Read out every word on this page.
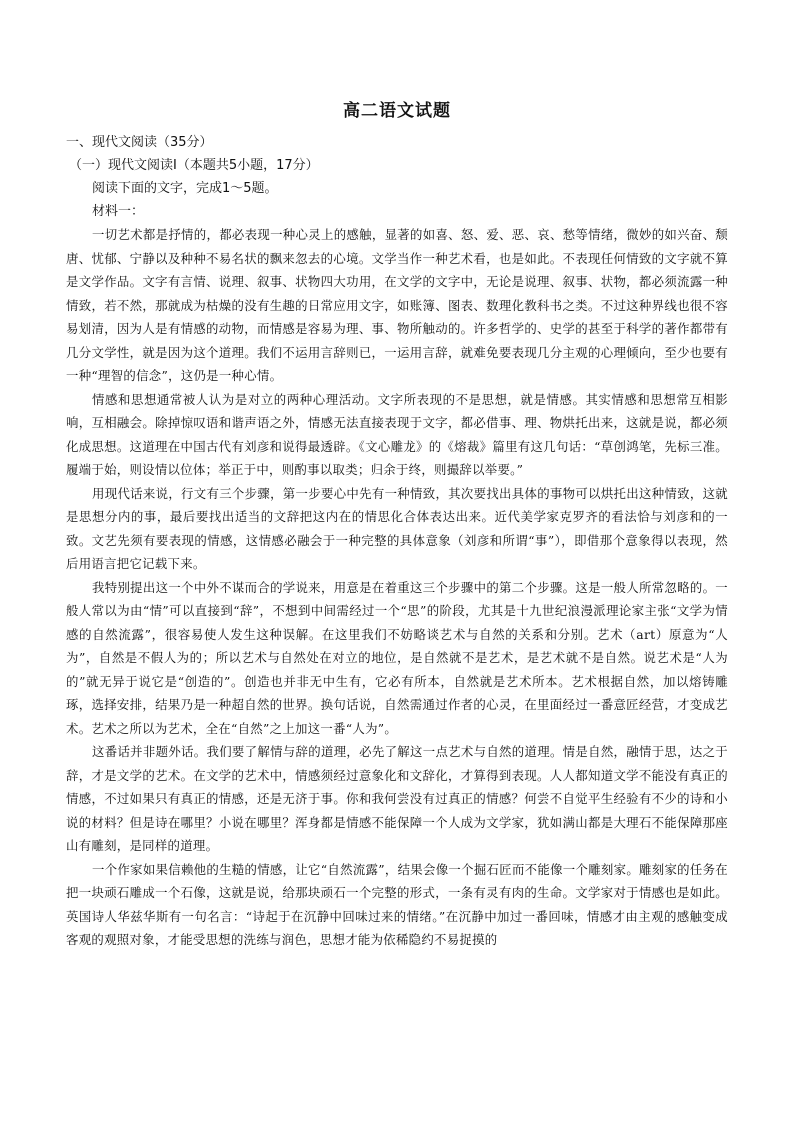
高二语文试题
一、现代文阅读（35分）
（一）现代文阅读Ⅰ（本题共5小题，17分）
阅读下面的文字，完成1～5题。
材料一：

一切艺术都是抒情的，都必表现一种心灵上的感触，显著的如喜、怒、爱、恶、哀、愁等情绪，微妙的如兴奋、颓唐、忧郁、宁静以及种种不易名状的飘来忽去的心境。文学当作一种艺术看，也是如此。不表现任何情致的文字就不算是文学作品。文字有言情、说理、叙事、状物四大功用，在文学的文字中，无论是说理、叙事、状物，都必须流露一种情致，若不然，那就成为枯燥的没有生趣的日常应用文字，如账簿、图表、数理化教科书之类。不过这种界线也很不容易划清，因为人是有情感的动物，而情感是容易为理、事、物所触动的。许多哲学的、史学的甚至于科学的著作都带有几分文学性，就是因为这个道理。我们不运用言辞则已，一运用言辞，就难免要表现几分主观的心理倾向，至少也要有一种“理智的信念”，这仍是一种心情。

情感和思想通常被人认为是对立的两种心理活动。文字所表现的不是思想，就是情感。其实情感和思想常互相影响，互相融会。除掉惊叹语和谐声语之外，情感无法直接表现于文字，都必借事、理、物烘托出来，这就是说，都必须化成思想。这道理在中国古代有刘彦和说得最透辟。《文心雕龙》的《熔裁》篇里有这几句话：“草创鸿笔，先标三准。履端于始，则设情以位体；举正于中，则酌事以取类；归余于终，则撮辞以举要。”

用现代话来说，行文有三个步骤，第一步要心中先有一种情致，其次要找出具体的事物可以烘托出这种情致，这就是思想分内的事，最后要找出适当的文辞把这内在的情思化合体表达出来。近代美学家克罗齐的看法恰与刘彦和的一致。文艺先须有要表现的情感，这情感必融会于一种完整的具体意象（刘彦和所谓“事”），即借那个意象得以表现，然后用语言把它记载下来。

我特别提出这一个中外不谋而合的学说来，用意是在着重这三个步骤中的第二个步骤。这是一般人所常忽略的。一般人常以为由“情”可以直接到“辞”，不想到中间需经过一个“思”的阶段，尤其是十九世纪浪漫派理论家主张“文学为情感的自然流露”，很容易使人发生这种误解。在这里我们不妨略谈艺术与自然的关系和分别。艺术（art）原意为“人为”，自然是不假人为的；所以艺术与自然处在对立的地位，是自然就不是艺术，是艺术就不是自然。说艺术是“人为的”就无异于说它是“创造的”。创造也并非无中生有，它必有所本，自然就是艺术所本。艺术根据自然，加以熔铸雕琢，选择安排，结果乃是一种超自然的世界。换句话说，自然需通过作者的心灵，在里面经过一番意匠经营，才变成艺术。艺术之所以为艺术，全在“自然”之上加这一番“人为”。

这番话并非题外话。我们要了解情与辞的道理，必先了解这一点艺术与自然的道理。情是自然，融情于思，达之于辞，才是文学的艺术。在文学的艺术中，情感须经过意象化和文辞化，才算得到表现。人人都知道文学不能没有真正的情感，不过如果只有真正的情感，还是无济于事。你和我何尝没有过真正的情感？何尝不自觉平生经验有不少的诗和小说的材料？但是诗在哪里？小说在哪里？浑身都是情感不能保障一个人成为文学家，犹如满山都是大理石不能保障那座山有雕刻，是同样的道理。

一个作家如果信赖他的生糙的情感，让它“自然流露”，结果会像一个掘石匠而不能像一个雕刻家。雕刻家的任务在把一块顽石雕成一个石像，这就是说，给那块顽石一个完整的形式，一条有灵有肉的生命。文学家对于情感也是如此。英国诗人华兹华斯有一句名言：“诗起于在沉静中回味过来的情绪。”在沉静中加过一番回味，情感才由主观的感触变成客观的观照对象，才能受思想的洗练与润色，思想才能为依稀隐约不易捉摸的
